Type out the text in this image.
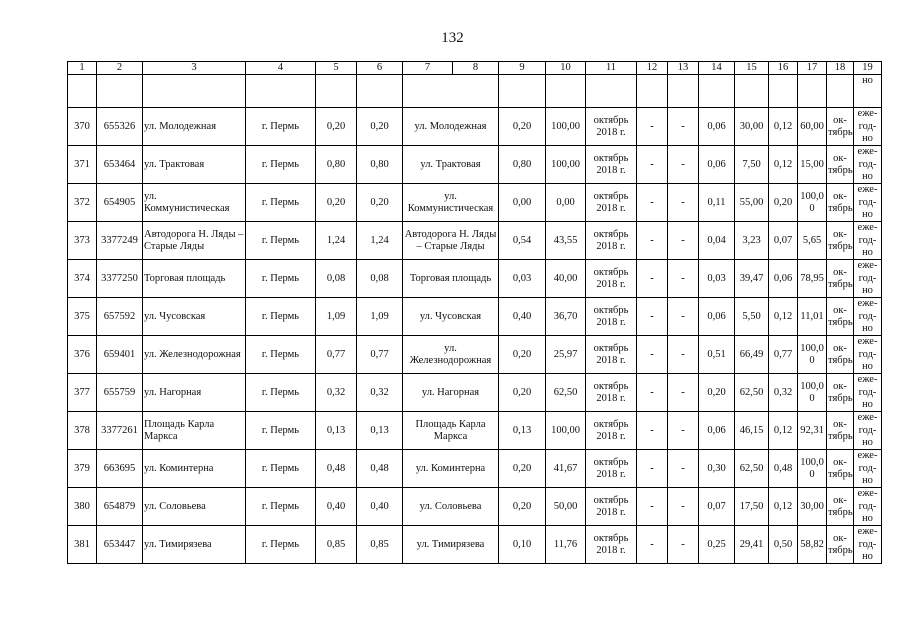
132
1	2	3	4	5	6	7	8	9	10	11	12	13	14	15	16	17	18	19
																		но
370	655326	ул. Молодежная	г. Пермь	0,20	0,20	ул. Молодежная		0,20	100,00	октябрь 2018 г.	-	-	0,06	30,00	0,12	60,00	ок-тябрь	еже-год-но
371	653464	ул. Трактовая	г. Пермь	0,80	0,80	ул. Трактовая		0,80	100,00	октябрь 2018 г.	-	-	0,06	7,50	0,12	15,00	ок-тябрь	еже-год-но
372	654905	ул. Коммунистическая	г. Пермь	0,20	0,20	ул. Коммунистическая		0,00	0,00	октябрь 2018 г.	-	-	0,11	55,00	0,20	100,0 0	ок-тябрь	еже-год-но
373	3377249	Автодорога Н. Ляды – Старые Ляды	г. Пермь	1,24	1,24	Автодорога Н. Ляды – Старые Ляды		0,54	43,55	октябрь 2018 г.	-	-	0,04	3,23	0,07	5,65	ок-тябрь	еже-год-но
374	3377250	Торговая площадь	г. Пермь	0,08	0,08	Торговая площадь		0,03	40,00	октябрь 2018 г.	-	-	0,03	39,47	0,06	78,95	ок-тябрь	еже-год-но
375	657592	ул. Чусовская	г. Пермь	1,09	1,09	ул. Чусовская		0,40	36,70	октябрь 2018 г.	-	-	0,06	5,50	0,12	11,01	ок-тябрь	еже-год-но
376	659401	ул. Железнодорожная	г. Пермь	0,77	0,77	ул. Железнодорожная		0,20	25,97	октябрь 2018 г.	-	-	0,51	66,49	0,77	100,0 0	ок-тябрь	еже-год-но
377	655759	ул. Нагорная	г. Пермь	0,32	0,32	ул. Нагорная		0,20	62,50	октябрь 2018 г.	-	-	0,20	62,50	0,32	100,0 0	ок-тябрь	еже-год-но
378	3377261	Площадь Карла Маркса	г. Пермь	0,13	0,13	Площадь Карла Маркса		0,13	100,00	октябрь 2018 г.	-	-	0,06	46,15	0,12	92,31	ок-тябрь	еже-год-но
379	663695	ул. Коминтерна	г. Пермь	0,48	0,48	ул. Коминтерна		0,20	41,67	октябрь 2018 г.	-	-	0,30	62,50	0,48	100,0 0	ок-тябрь	еже-год-но
380	654879	ул. Соловьева	г. Пермь	0,40	0,40	ул. Соловьева		0,20	50,00	октябрь 2018 г.	-	-	0,07	17,50	0,12	30,00	ок-тябрь	еже-год-но
381	653447	ул. Тимирязева	г. Пермь	0,85	0,85	ул. Тимирязева		0,10	11,76	октябрь 2018 г.	-	-	0,25	29,41	0,50	58,82	ок-тябрь	еже-год-но
